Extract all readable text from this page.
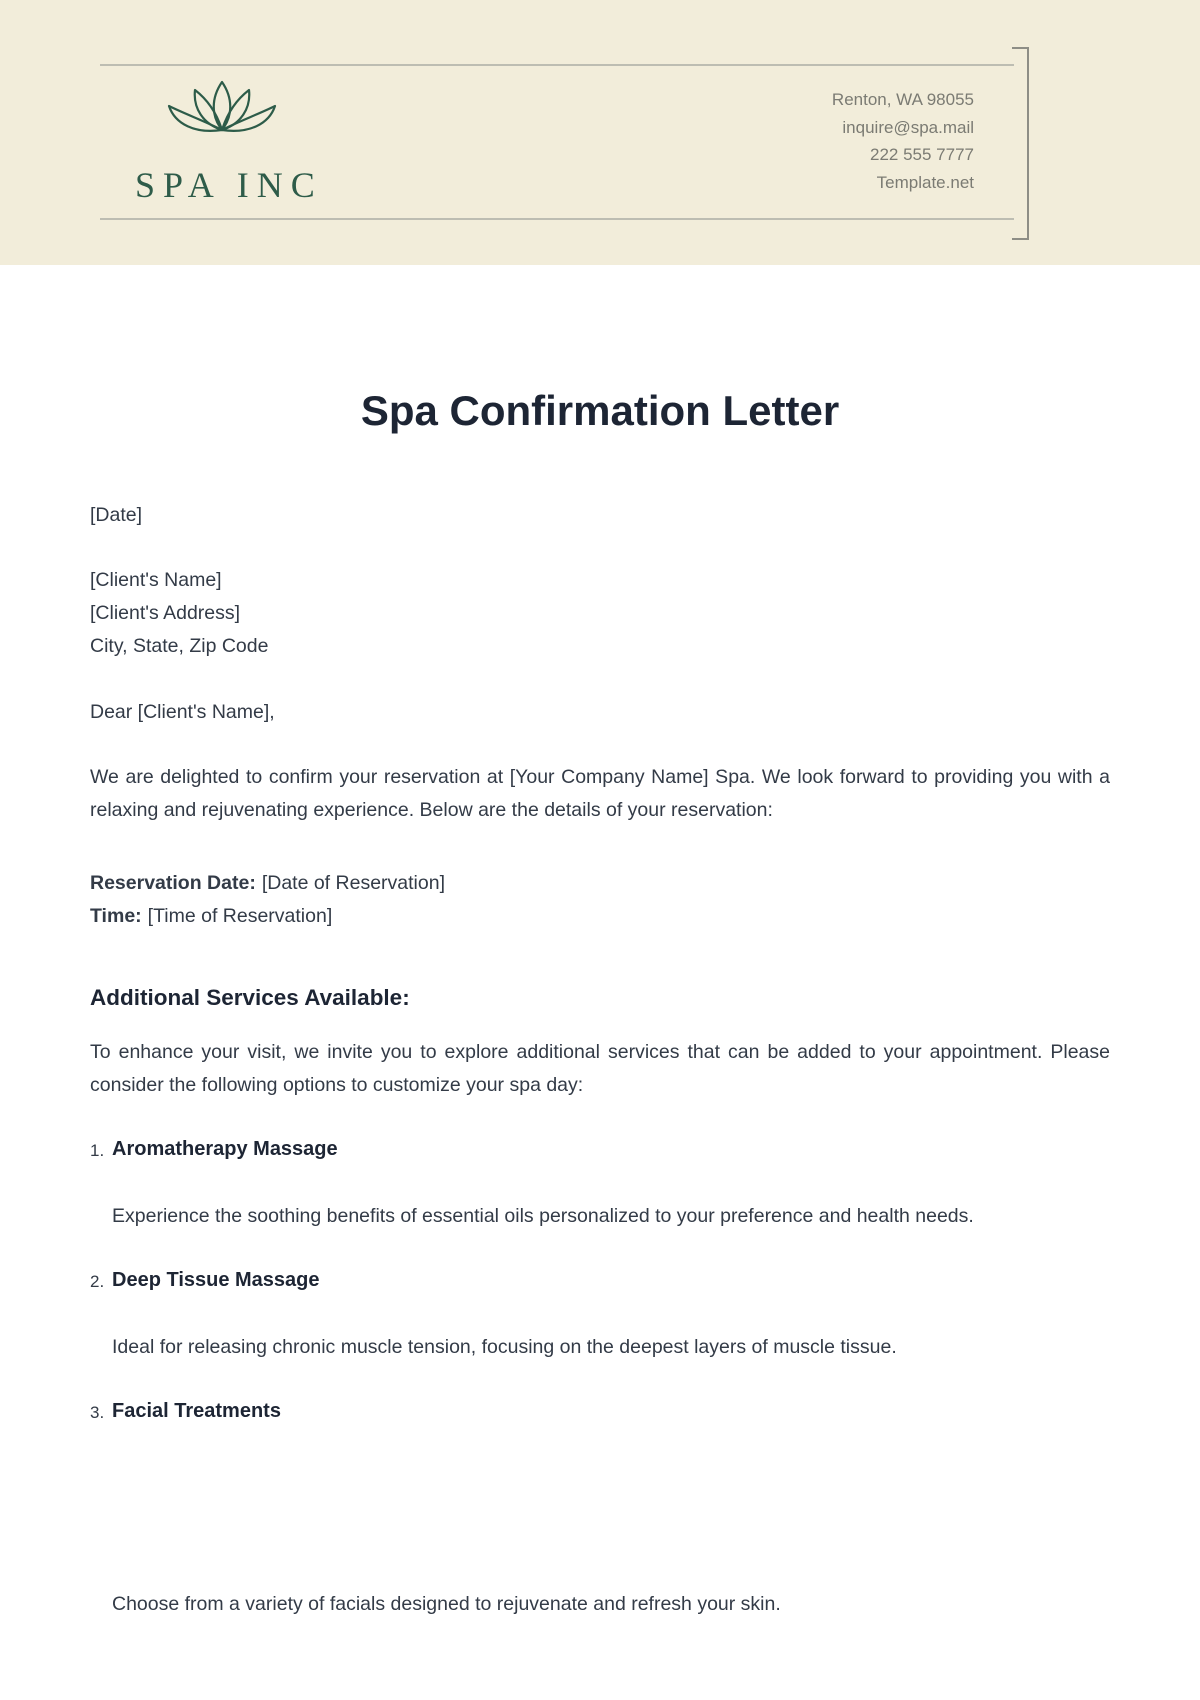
SPA INC
Renton, WA 98055
inquire@spa.mail
222 555 7777
Template.net
Spa Confirmation Letter
[Date]
[Client's Name]
[Client's Address]
City, State, Zip Code
Dear [Client's Name],

We are delighted to confirm your reservation at [Your Company Name] Spa. We look forward to providing you with a relaxing and rejuvenating experience. Below are the details of your reservation:

Reservation Date: [Date of Reservation]
Time: [Time of Reservation]
Additional Services Available:

To enhance your visit, we invite you to explore additional services that can be added to your appointment. Please consider the following options to customize your spa day:

1. Aromatherapy Massage

Experience the soothing benefits of essential oils personalized to your preference and health needs.

2. Deep Tissue Massage

Ideal for releasing chronic muscle tension, focusing on the deepest layers of muscle tissue.

3. Facial Treatments

Choose from a variety of facials designed to rejuvenate and refresh your skin.
